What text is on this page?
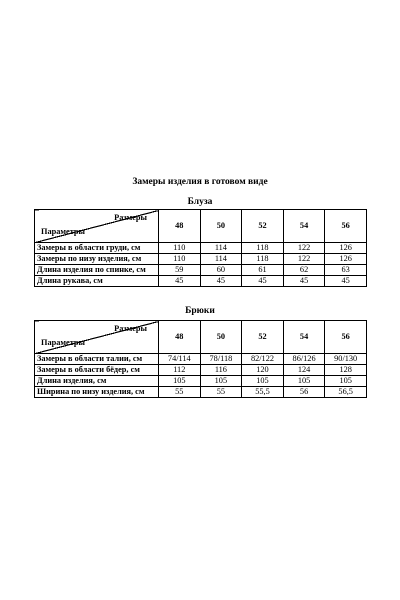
Замеры изделия в готовом виде
Блуза
Размеры
Параметры	48	50	52	54	56
Замеры в области груди, см	110	114	118	122	126
Замеры по низу изделия, см	110	114	118	122	126
Длина изделия по спинке, см	59	60	61	62	63
Длина рукава, см	45	45	45	45	45
Брюки
Размеры
Параметры	48	50	52	54	56
Замеры в области талии, см	74/114	78/118	82/122	86/126	90/130
Замеры в области бёдер, см	112	116	120	124	128
Длина изделия, см	105	105	105	105	105
Ширина по низу изделия, см	55	55	55,5	56	56,5
